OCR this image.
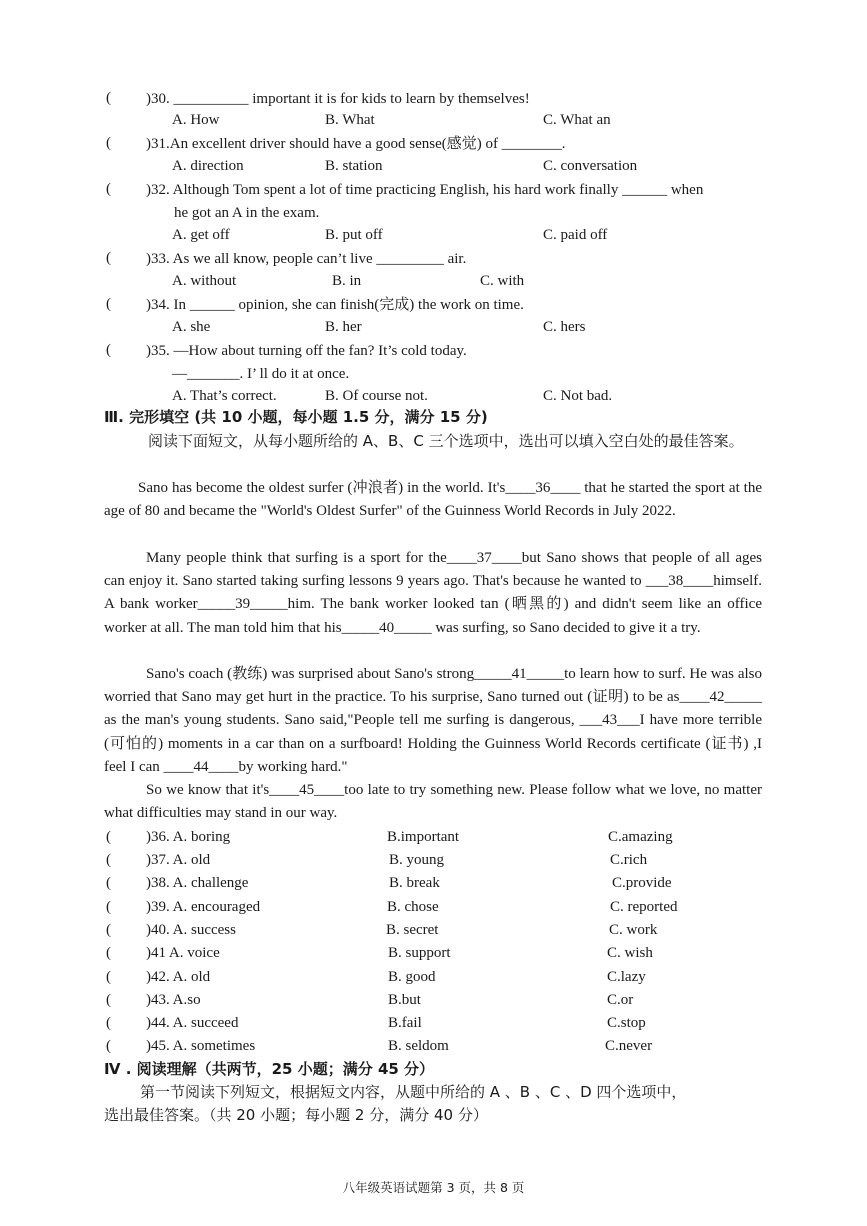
( )30. __________ important it is for kids to learn by themselves!
A. How	B. What	C. What an
( )31.An excellent driver should have a good sense(感觉) of ________.
A. direction	B. station	C. conversation
( )32. Although Tom spent a lot of time practicing English, his hard work finally ______ when
he got an A in the exam.
A. get off	B. put off	C. paid off
( )33. As we all know, people can’t live _________ air.
A. without	B. in	C. with
( )34. In ______ opinion, she can finish(完成) the work on time.
A. she	B. her	C. hers
( )35. —How about turning off the fan? It’s cold today.
—_______. I’ ll do it at once.
A. That’s correct.	B. Of course not.	C. Not bad.
Ⅲ. 完形填空 (共 10 小题，每小题 1.5 分，满分 15 分)
阅读下面短文，从每小题所给的 A、B、C 三个选项中，选出可以填入空白处的最佳答案。
Sano has become the oldest surfer (冲浪者) in the world. It's____36____ that he started the sport at the age of 80 and became the "World's Oldest Surfer" of the Guinness World Records in July 2022.
Many people think that surfing is a sport for the____37____but Sano shows that people of all ages can enjoy it. Sano started taking surfing lessons 9 years ago. That's because he wanted to ___38____himself. A bank worker_____39_____him. The bank worker looked tan (晒黑的) and didn't seem like an office worker at all. The man told him that his_____40_____ was surfing, so Sano decided to give it a try.
Sano's coach (教练) was surprised about Sano's strong_____41_____to learn how to surf. He was also worried that Sano may get hurt in the practice. To his surprise, Sano turned out (证明) to be as____42_____ as the man's young students. Sano said,"People tell me surfing is dangerous, ___43___I have more terrible (可怕的) moments in a car than on a surfboard! Holding the Guinness World Records certificate (证书) ,I feel I can ____44____by working hard."
So we know that it's____45____too late to try something new. Please follow what we love, no matter what difficulties may stand in our way.
( )36. A. boring	B.important	C.amazing
( )37. A. old	B. young	C.rich
( )38. A. challenge	B. break	C.provide
( )39. A. encouraged	B. chose	C. reported
( )40. A. success	B. secret	C. work
( )41 A. voice	B. support	C. wish
( )42. A. old	B. good	C.lazy
( )43. A.so	B.but	C.or
( )44. A. succeed	B.fail	C.stop
( )45. A. sometimes	B. seldom	C.never
Ⅳ . 阅读理解（共两节，25 小题；满分 45 分）
第一节阅读下列短文，根据短文内容，从题中所给的 A 、B 、C 、D 四个选项中，
选出最佳答案。（共 20 小题；每小题 2 分，满分 40 分）
八年级英语试题第 3 页，共 8 页
